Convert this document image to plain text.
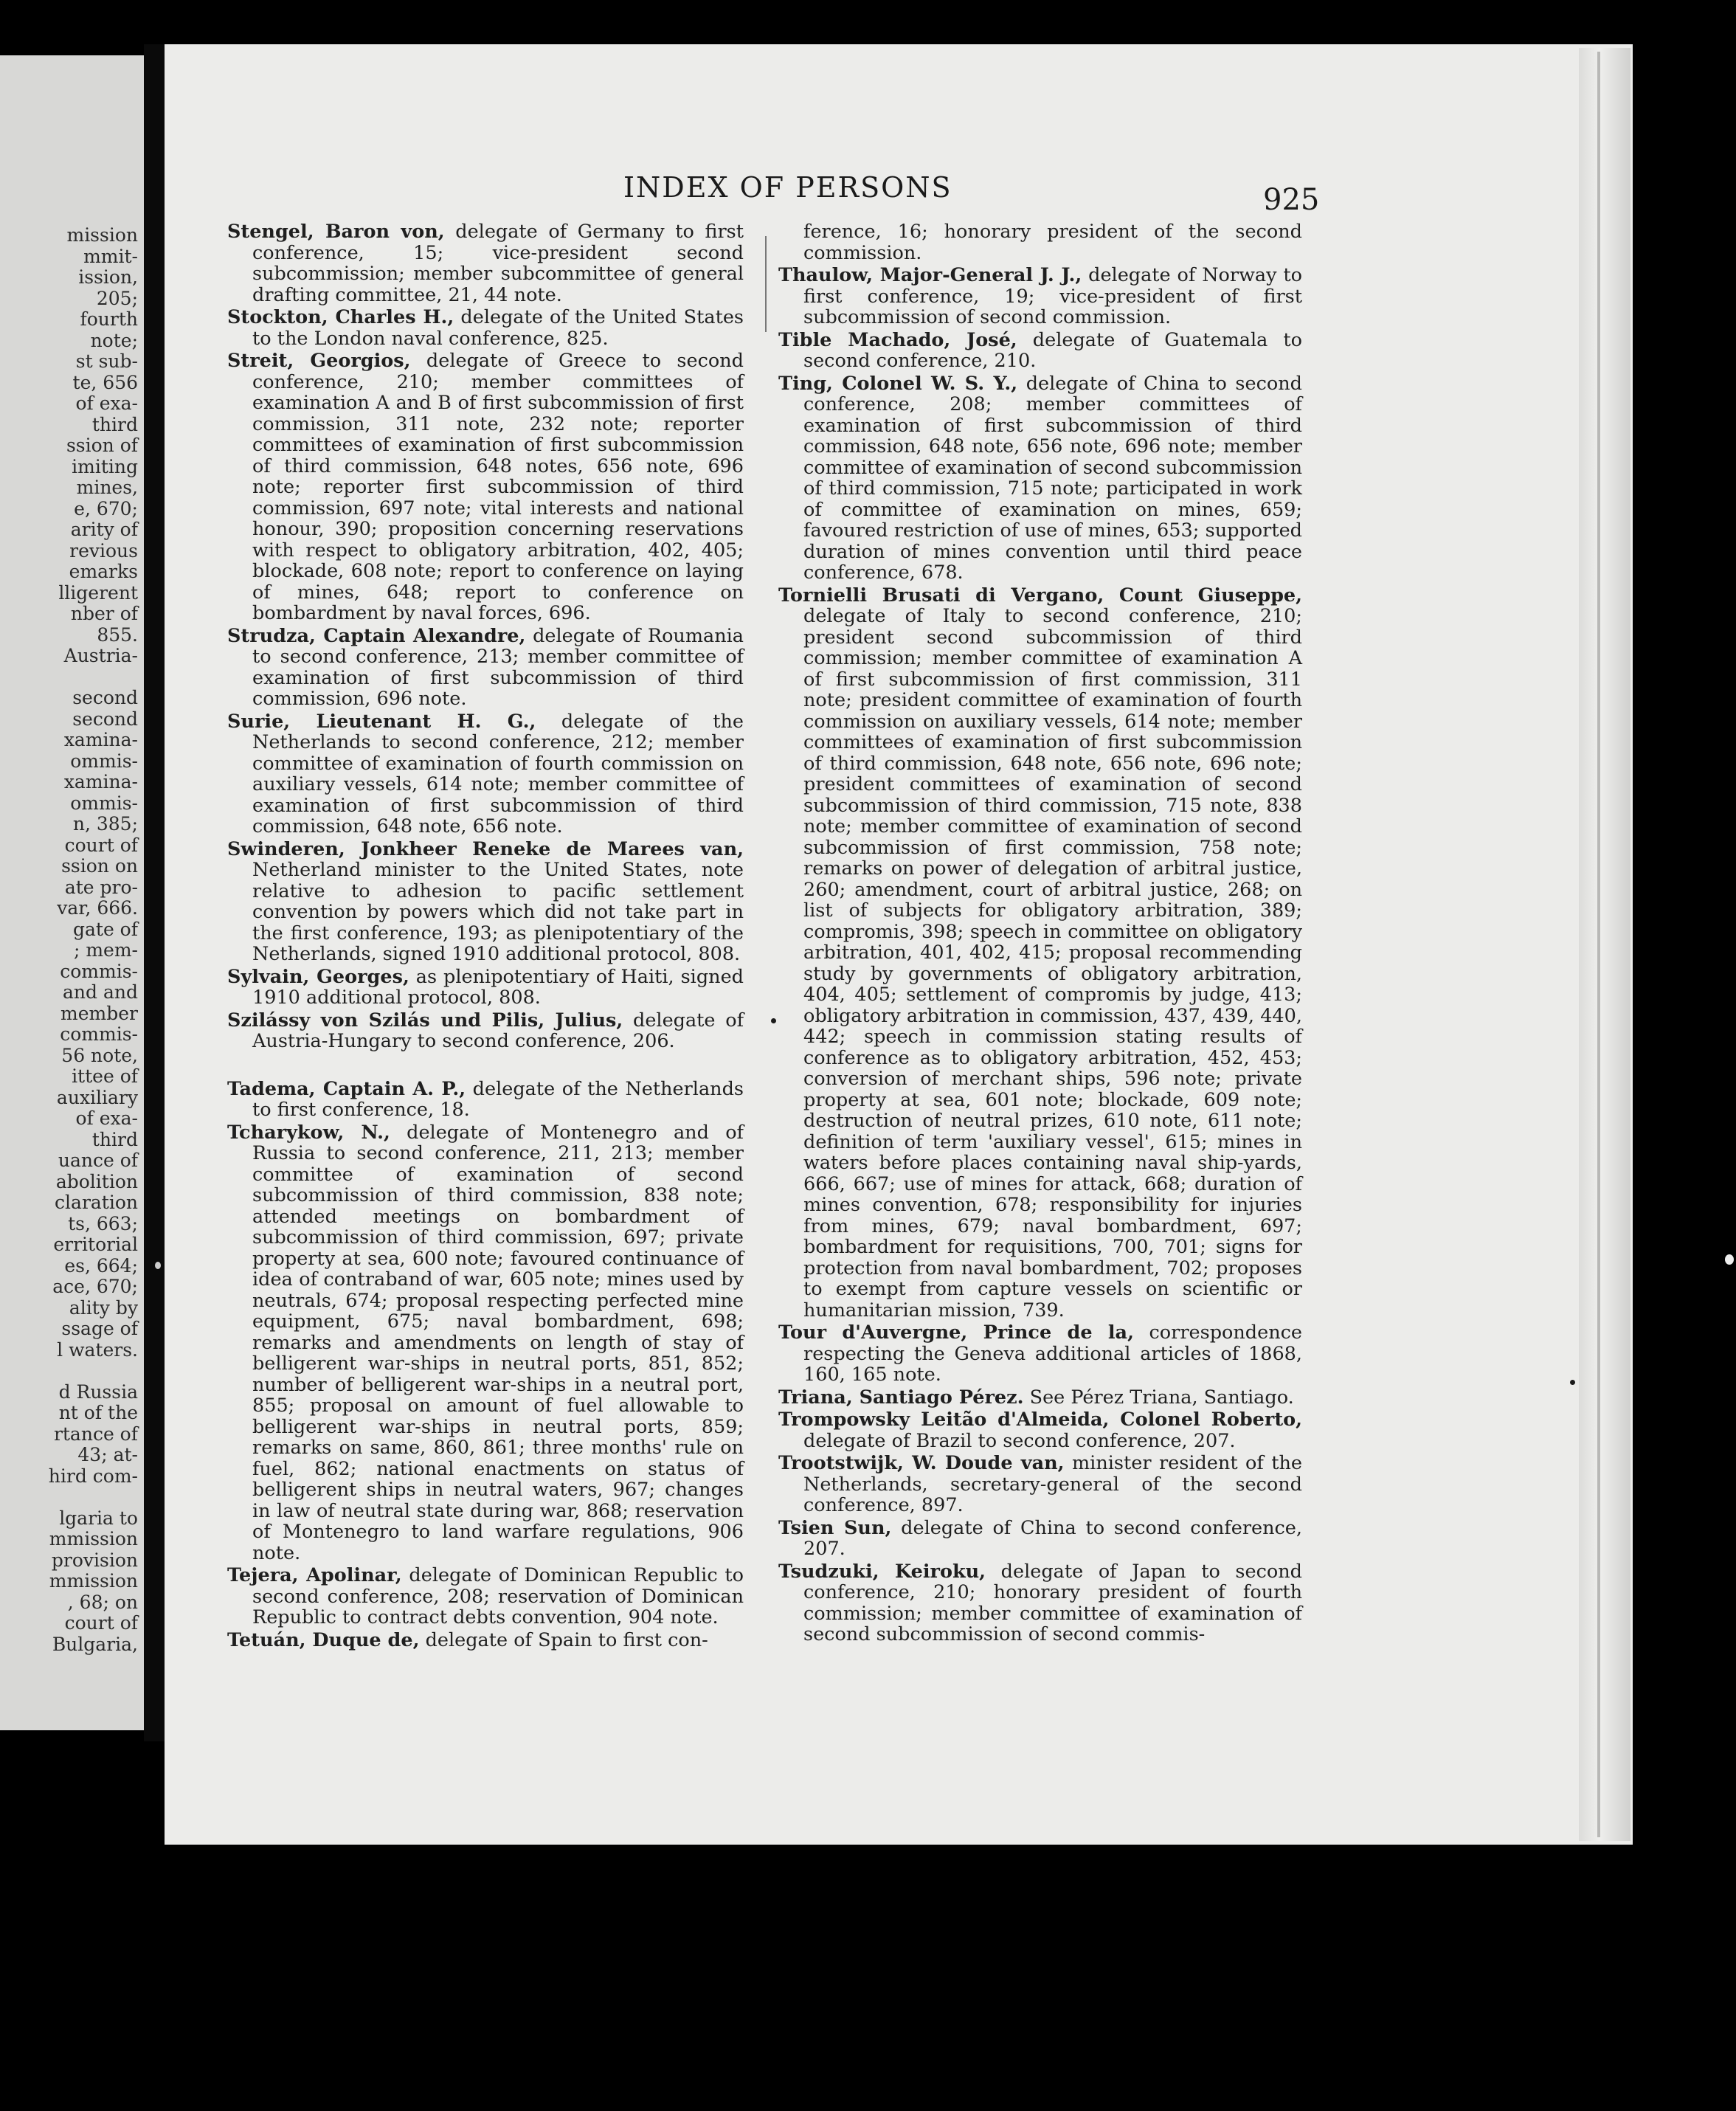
mission
mmit-
ission,
205;
fourth
note;
st sub-
te, 656
of exa-
third
ssion of
imiting
mines,
e, 670;
arity of
revious
emarks
lligerent
nber of
855.
Austria-
second
second
xamina-
ommis-
xamina-
ommis-
n, 385;
court of
ssion on
ate pro-
var, 666.
gate of
; mem-
commis-
and and
member
commis-
56 note,
ittee of
auxiliary
of exa-
third
uance of
abolition
claration
ts, 663;
erritorial
es, 664;
ace, 670;
ality by
ssage of
l waters.
d Russia
nt of the
rtance of
43; at-
hird com-
lgaria to
mmission
provision
mmission
, 68; on
court of
Bulgaria,
INDEX OF PERSONS	925
Stengel, Baron von, delegate of Germany to first conference, 15; vice-president second subcommission; member subcommittee of general drafting committee, 21, 44 note.
Stockton, Charles H., delegate of the United States to the London naval conference, 825.
Streit, Georgios, delegate of Greece to second conference, 210; member committees of examination A and B of first subcommission of first commission, 311 note, 232 note; reporter committees of examination of first subcommission of third commission, 648 notes, 656 note, 696 note; reporter first subcommission of third commission, 697 note; vital interests and national honour, 390; proposition concerning reservations with respect to obligatory arbitration, 402, 405; blockade, 608 note; report to conference on laying of mines, 648; report to conference on bombardment by naval forces, 696.
Strudza, Captain Alexandre, delegate of Roumania to second conference, 213; member committee of examination of first subcommission of third commission, 696 note.
Surie, Lieutenant H. G., delegate of the Netherlands to second conference, 212; member committee of examination of fourth commission on auxiliary vessels, 614 note; member committee of examination of first subcommission of third commission, 648 note, 656 note.
Swinderen, Jonkheer Reneke de Marees van, Netherland minister to the United States, note relative to adhesion to pacific settlement convention by powers which did not take part in the first conference, 193; as plenipotentiary of the Netherlands, signed 1910 additional protocol, 808.
Sylvain, Georges, as plenipotentiary of Haiti, signed 1910 additional protocol, 808.
Szilássy von Szilás und Pilis, Julius, delegate of Austria-Hungary to second conference, 206.
Tadema, Captain A. P., delegate of the Netherlands to first conference, 18.
Tcharykow, N., delegate of Montenegro and of Russia to second conference, 211, 213; member committee of examination of second subcommission of third commission, 838 note; attended meetings on bombardment of subcommission of third commission, 697; private property at sea, 600 note; favoured continuance of idea of contraband of war, 605 note; mines used by neutrals, 674; proposal respecting perfected mine equipment, 675; naval bombardment, 698; remarks and amendments on length of stay of belligerent war-ships in neutral ports, 851, 852; number of belligerent war-ships in a neutral port, 855; proposal on amount of fuel allowable to belligerent war-ships in neutral ports, 859; remarks on same, 860, 861; three months' rule on fuel, 862; national enactments on status of belligerent ships in neutral waters, 967; changes in law of neutral state during war, 868; reservation of Montenegro to land warfare regulations, 906 note.
Tejera, Apolinar, delegate of Dominican Republic to second conference, 208; reservation of Dominican Republic to contract debts convention, 904 note.
Tetuán, Duque de, delegate of Spain to first con-
ference, 16; honorary president of the second commission.
Thaulow, Major-General J. J., delegate of Norway to first conference, 19; vice-president of first subcommission of second commission.
Tible Machado, José, delegate of Guatemala to second conference, 210.
Ting, Colonel W. S. Y., delegate of China to second conference, 208; member committees of examination of first subcommission of third commission, 648 note, 656 note, 696 note; member committee of examination of second subcommission of third commission, 715 note; participated in work of committee of examination on mines, 659; favoured restriction of use of mines, 653; supported duration of mines convention until third peace conference, 678.
Tornielli Brusati di Vergano, Count Giuseppe, delegate of Italy to second conference, 210; president second subcommission of third commission; member committee of examination A of first subcommission of first commission, 311 note; president committee of examination of fourth commission on auxiliary vessels, 614 note; member committees of examination of first subcommission of third commission, 648 note, 656 note, 696 note; president committees of examination of second subcommission of third commission, 715 note, 838 note; member committee of examination of second subcommission of first commission, 758 note; remarks on power of delegation of arbitral justice, 260; amendment, court of arbitral justice, 268; on list of subjects for obligatory arbitration, 389; compromis, 398; speech in committee on obligatory arbitration, 401, 402, 415; proposal recommending study by governments of obligatory arbitration, 404, 405; settlement of compromis by judge, 413; obligatory arbitration in commission, 437, 439, 440, 442; speech in commission stating results of conference as to obligatory arbitration, 452, 453; conversion of merchant ships, 596 note; private property at sea, 601 note; blockade, 609 note; destruction of neutral prizes, 610 note, 611 note; definition of term 'auxiliary vessel', 615; mines in waters before places containing naval ship-yards, 666, 667; use of mines for attack, 668; duration of mines convention, 678; responsibility for injuries from mines, 679; naval bombardment, 697; bombardment for requisitions, 700, 701; signs for protection from naval bombardment, 702; proposes to exempt from capture vessels on scientific or humanitarian mission, 739.
Tour d'Auvergne, Prince de la, correspondence respecting the Geneva additional articles of 1868, 160, 165 note.
Triana, Santiago Pérez. See Pérez Triana, Santiago.
Trompowsky Leitão d'Almeida, Colonel Roberto, delegate of Brazil to second conference, 207.
Trootstwijk, W. Doude van, minister resident of the Netherlands, secretary-general of the second conference, 897.
Tsien Sun, delegate of China to second conference, 207.
Tsudzuki, Keiroku, delegate of Japan to second conference, 210; honorary president of fourth commission; member committee of examination of second subcommission of second commis-
